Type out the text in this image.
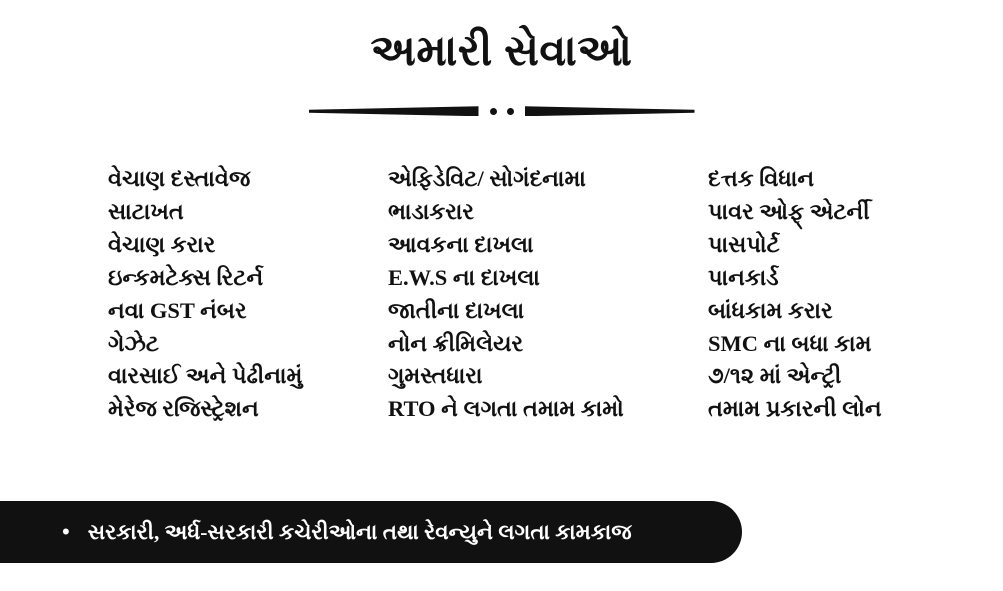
અમારી સેવાઓ
વેચાણ દસ્તાવેજ
સાટાખત
વેચાણ કરાર
ઇન્કમટેક્સ રિટર્ન
નવા GST નંબર
ગેઝેટ
વારસાઈ અને પેઢીનામું
મેરેજ રજિસ્ટ્રેશન
એફિડેવિટ/ સોગંદનામા
ભાડાકરાર
આવકના દાખલા
E.W.S ના દાખલા
જાતીના દાખલા
નોન ક્રીમિલેયર
ગુમસ્તધારા
RTO ને લગતા તમામ કામો
દત્તક વિધાન
પાવર ઓફ્ એટર્ની
પાસપોર્ટ
પાનકાર્ડ
બાંધકામ કરાર
SMC ના બધા કામ
૭/૧૨ માં એન્ટ્રી
તમામ પ્રકારની લોન
• સરકારી, અર્ધ-સરકારી કચેરીઓના તથા રેવન્યુને લગતા કામકાજ
